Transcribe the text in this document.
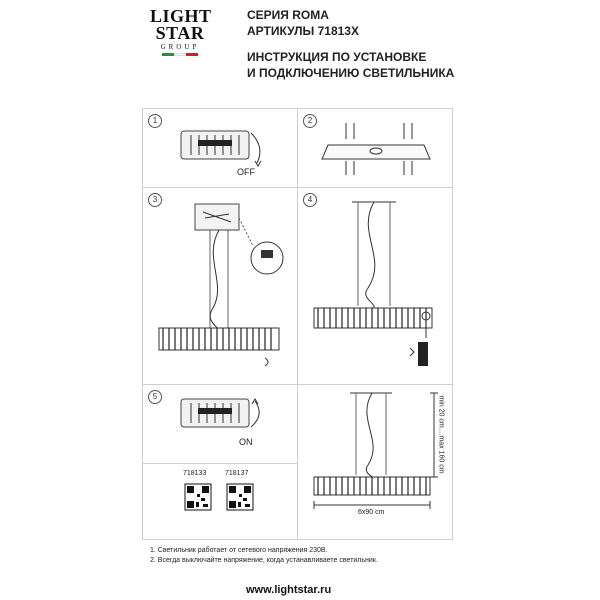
LIGHT
STAR
GROUP
СЕРИЯ ROMA
АРТИКУЛЫ 71813X
ИНСТРУКЦИЯ ПО УСТАНОВКЕ
И ПОДКЛЮЧЕНИЮ СВЕТИЛЬНИКА
1
OFF
2
3	4
5
ON
6x90 cm
min 20 cm....max 160 cm
718133	718137
1. Светильник работает от сетевого напряжения 230В.
2. Всегда выключайте напряжение, когда устанавливаете светильник.
www.lightstar.ru
